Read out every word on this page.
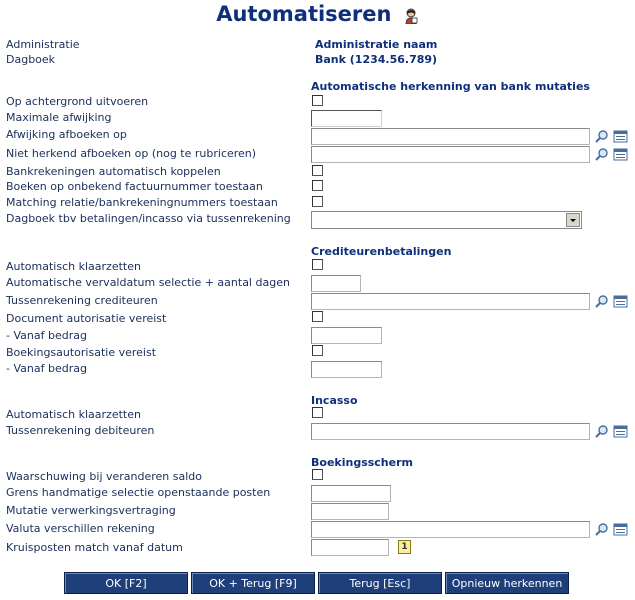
Automatiseren
Administratie	Administratie naam
Dagboek	Bank (1234.56.789)
Automatische herkenning van bank mutaties
Op achtergrond uitvoeren
Maximale afwijking
Afwijking afboeken op
Niet herkend afboeken op (nog te rubriceren)
Bankrekeningen automatisch koppelen
Boeken op onbekend factuurnummer toestaan
Matching relatie/bankrekeningnummers toestaan
Dagboek tbv betalingen/incasso via tussenrekening
Crediteurenbetalingen
Automatisch klaarzetten
Automatische vervaldatum selectie + aantal dagen
Tussenrekening crediteuren
Document autorisatie vereist
- Vanaf bedrag
Boekingsautorisatie vereist
- Vanaf bedrag
Incasso
Automatisch klaarzetten
Tussenrekening debiteuren
Boekingsscherm
Waarschuwing bij veranderen saldo
Grens handmatige selectie openstaande posten
Mutatie verwerkingsvertraging
Valuta verschillen rekening
Kruisposten match vanaf datum	1
OK [F2]	OK + Terug [F9]	Terug [Esc]	Opnieuw herkennen
